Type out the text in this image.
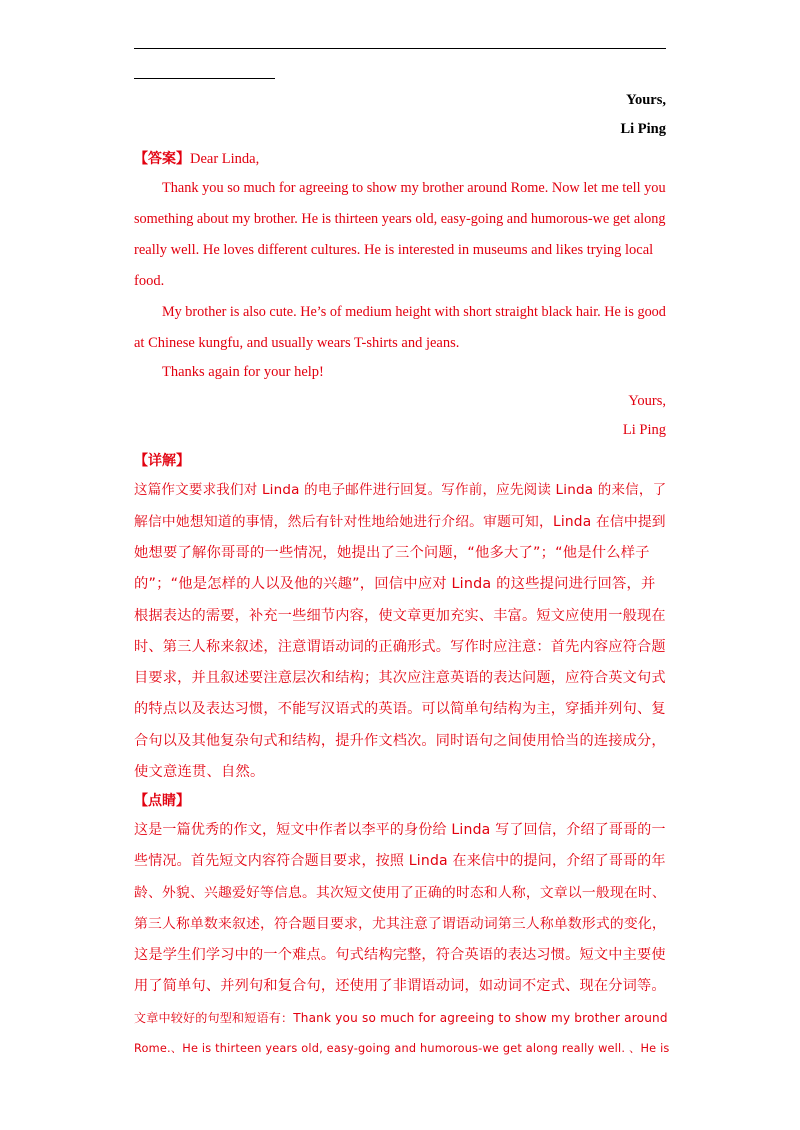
Yours,
Li Ping
【答案】Dear Linda,
Thank you so much for agreeing to show my brother around Rome. Now let me tell you
something about my brother. He is thirteen years old, easy-going and humorous-we get along
really well. He loves different cultures. He is interested in museums and likes trying local
food.
My brother is also cute. He’s of medium height with short straight black hair. He is good
at Chinese kungfu, and usually wears T-shirts and jeans.
Thanks again for your help!
Yours,
Li Ping
【详解】
这篇作文要求我们对 Linda 的电子邮件进行回复。写作前，应先阅读 Linda 的来信，了
解信中她想知道的事情，然后有针对性地给她进行介绍。审题可知，Linda 在信中提到
她想要了解你哥哥的一些情况，她提出了三个问题，“他多大了”；“他是什么样子
的”；“他是怎样的人以及他的兴趣”，回信中应对 Linda 的这些提问进行回答，并
根据表达的需要，补充一些细节内容，使文章更加充实、丰富。短文应使用一般现在
时、第三人称来叙述，注意谓语动词的正确形式。写作时应注意：首先内容应符合题
目要求，并且叙述要注意层次和结构；其次应注意英语的表达问题，应符合英文句式
的特点以及表达习惯，不能写汉语式的英语。可以简单句结构为主，穿插并列句、复
合句以及其他复杂句式和结构，提升作文档次。同时语句之间使用恰当的连接成分，
使文意连贯、自然。
【点睛】
这是一篇优秀的作文，短文中作者以李平的身份给 Linda 写了回信，介绍了哥哥的一
些情况。首先短文内容符合题目要求，按照 Linda 在来信中的提问，介绍了哥哥的年
龄、外貌、兴趣爱好等信息。其次短文使用了正确的时态和人称，文章以一般现在时、
第三人称单数来叙述，符合题目要求，尤其注意了谓语动词第三人称单数形式的变化，
这是学生们学习中的一个难点。句式结构完整，符合英语的表达习惯。短文中主要使
用了简单句、并列句和复合句，还使用了非谓语动词，如动词不定式、现在分词等。
文章中较好的句型和短语有：Thank you so much for agreeing to show my brother around
Rome.、He is thirteen years old, easy-going and humorous-we get along really well. 、He is
